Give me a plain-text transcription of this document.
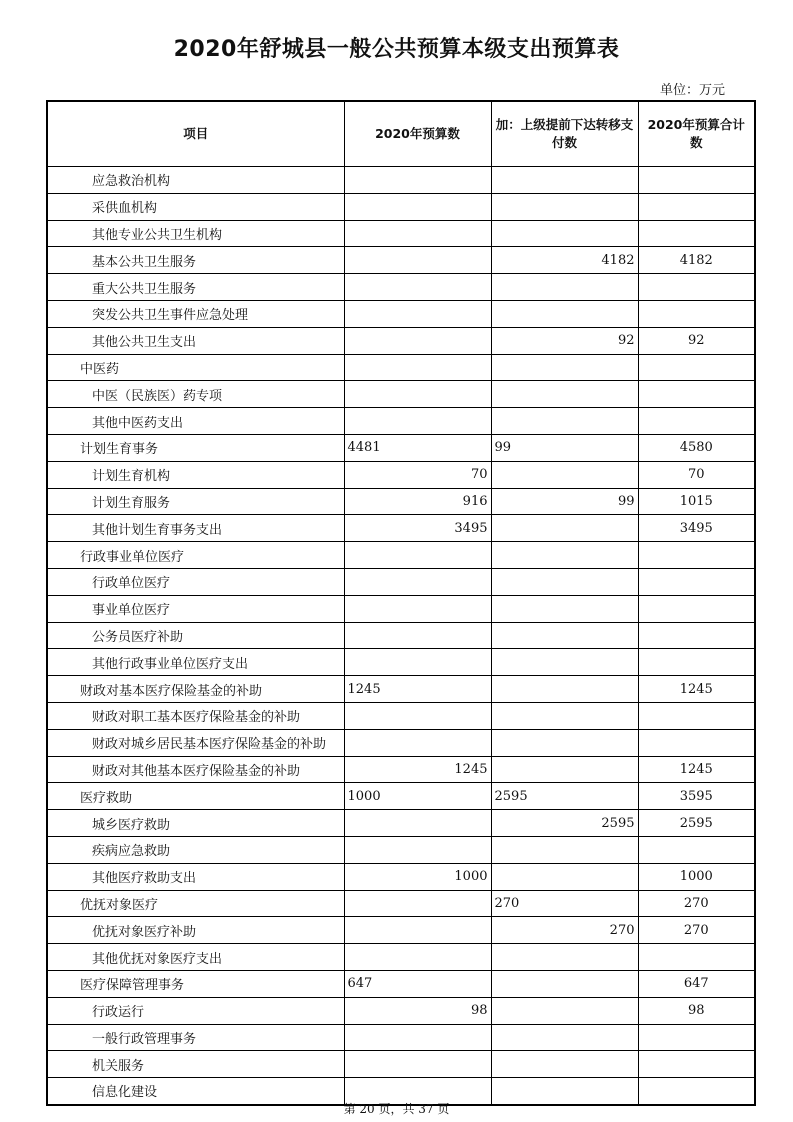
2020年舒城县一般公共预算本级支出预算表
单位：万元
项目	2020年预算数	加：上级提前下达转移支付数	2020年预算合计数
应急救治机构			
采供血机构			
其他专业公共卫生机构			
基本公共卫生服务		4182	4182
重大公共卫生服务			
突发公共卫生事件应急处理			
其他公共卫生支出		92	92
中医药			
中医（民族医）药专项			
其他中医药支出			
计划生育事务	4481	99	4580
计划生育机构	70		70
计划生育服务	916	99	1015
其他计划生育事务支出	3495		3495
行政事业单位医疗			
行政单位医疗			
事业单位医疗			
公务员医疗补助			
其他行政事业单位医疗支出			
财政对基本医疗保险基金的补助	1245		1245
财政对职工基本医疗保险基金的补助			
财政对城乡居民基本医疗保险基金的补助			
财政对其他基本医疗保险基金的补助	1245		1245
医疗救助	1000	2595	3595
城乡医疗救助		2595	2595
疾病应急救助			
其他医疗救助支出	1000		1000
优抚对象医疗		270	270
优抚对象医疗补助		270	270
其他优抚对象医疗支出			
医疗保障管理事务	647		647
行政运行	98		98
一般行政管理事务			
机关服务			
信息化建设			
第 20 页，共 37 页
